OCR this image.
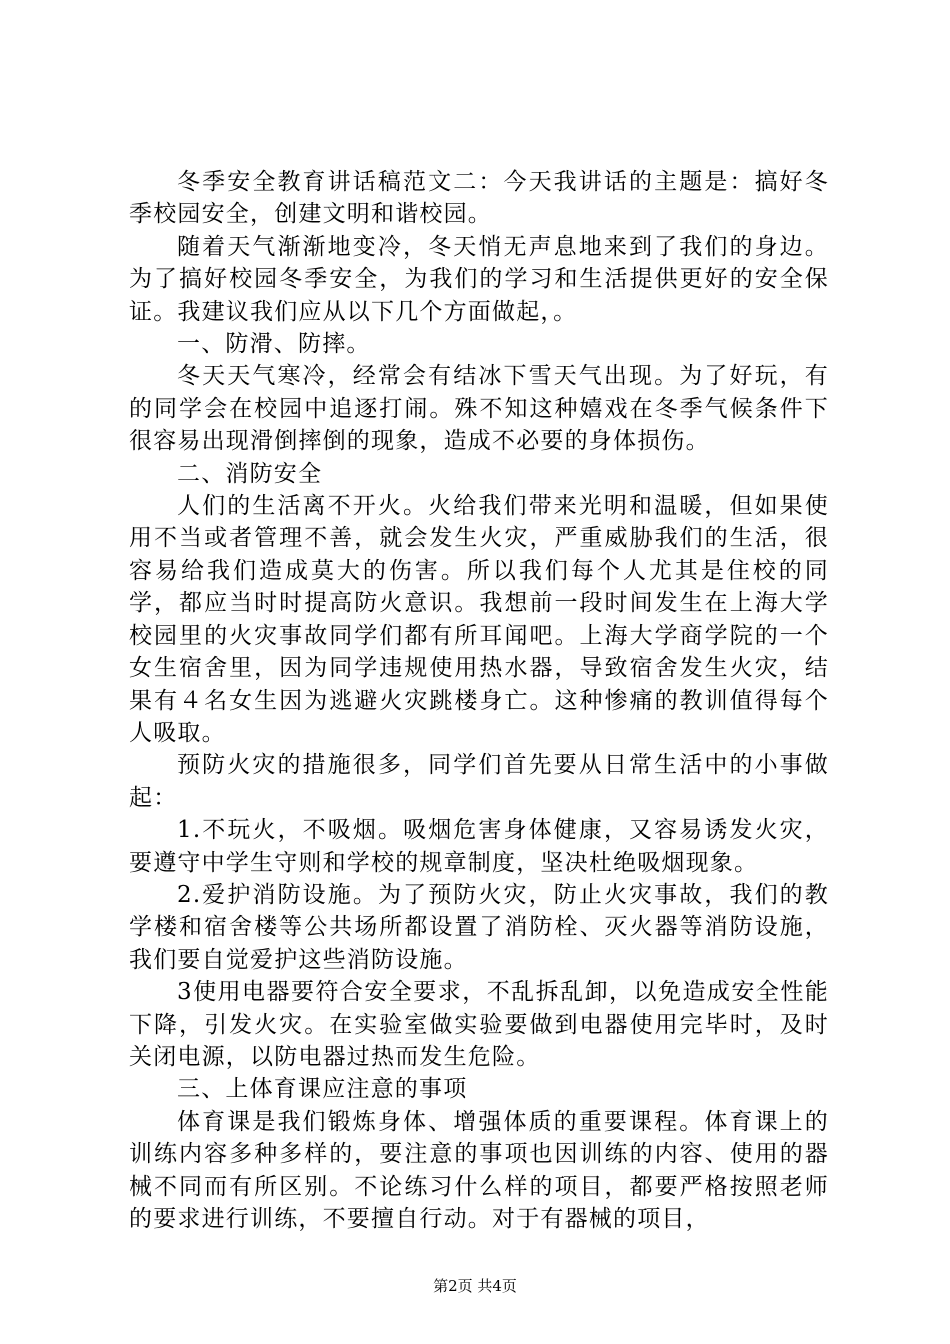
冬季安全教育讲话稿范文二：今天我讲话的主题是：搞好冬季校园安全，创建文明和谐校园。

随着天气渐渐地变冷，冬天悄无声息地来到了我们的身边。为了搞好校园冬季安全，为我们的学习和生活提供更好的安全保证。我建议我们应从以下几个方面做起，。

一、防滑、防摔。

冬天天气寒冷，经常会有结冰下雪天气出现。为了好玩，有的同学会在校园中追逐打闹。殊不知这种嬉戏在冬季气候条件下很容易出现滑倒摔倒的现象，造成不必要的身体损伤。

二、消防安全

人们的生活离不开火。火给我们带来光明和温暖，但如果使用不当或者管理不善，就会发生火灾，严重威胁我们的生活，很容易给我们造成莫大的伤害。所以我们每个人尤其是住校的同学，都应当时时提高防火意识。我想前一段时间发生在上海大学校园里的火灾事故同学们都有所耳闻吧。上海大学商学院的一个女生宿舍里，因为同学违规使用热水器，导致宿舍发生火灾，结果有４名女生因为逃避火灾跳楼身亡。这种惨痛的教训值得每个人吸取。

预防火灾的措施很多，同学们首先要从日常生活中的小事做起：

1.不玩火，不吸烟。吸烟危害身体健康，又容易诱发火灾，要遵守中学生守则和学校的规章制度，坚决杜绝吸烟现象。

2.爱护消防设施。为了预防火灾，防止火灾事故，我们的教学楼和宿舍楼等公共场所都设置了消防栓、灭火器等消防设施，我们要自觉爱护这些消防设施。

3使用电器要符合安全要求，不乱拆乱卸，以免造成安全性能下降，引发火灾。在实验室做实验要做到电器使用完毕时，及时关闭电源，以防电器过热而发生危险。

三、上体育课应注意的事项

体育课是我们锻炼身体、增强体质的重要课程。体育课上的训练内容多种多样的，要注意的事项也因训练的内容、使用的器械不同而有所区别。不论练习什么样的项目，都要严格按照老师的要求进行训练，不要擅自行动。对于有器械的项目，

第2页 共4页
